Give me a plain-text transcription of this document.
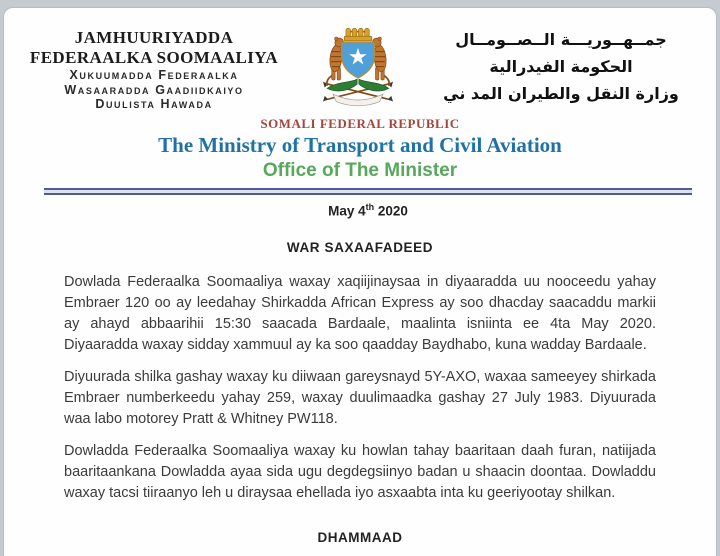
JAMHUURIYADDA
FEDERAALKA SOOMAALIYA
Xukuumadda Federaalka
Wasaaradda Gaadiidkaiyo
Duulista Hawada
جمــهــوريـــة الــصــومــال
الحكومة الفيدرالية
وزارة النقل والطيران المد ني
SOMALI FEDERAL REPUBLIC
The Ministry of Transport and Civil Aviation
Office of The Minister
May 4th 2020
WAR SAXAAFADEED

Dowlada Federaalka Soomaaliya waxay xaqiijinaysaa in diyaaradda uu nooceedu yahay Embraer 120 oo ay leedahay Shirkadda African Express ay soo dhacday saacaddu markii ay ahayd abbaarihii 15:30 saacada Bardaale, maalinta isniinta ee 4ta May 2020. Diyaaradda waxay sidday xammuul ay ka soo qaadday Baydhabo, kuna wadday Bardaale.

Diyuurada shilka gashay waxay ku diiwaan gareysnayd 5Y-AXO, waxaa sameeyey shirkada Embraer numberkeedu yahay 259, waxay duulimaadka gashay 27 July 1983. Diyuurada waa labo motorey Pratt & Whitney PW118.

Dowladda Federaalka Soomaaliya waxay ku howlan tahay baaritaan daah furan, natiijada baaritaankana Dowladda ayaa sida ugu degdegsiinyo badan u shaacin doontaa. Dowladdu waxay tacsi tiiraanyo leh u diraysaa ehellada iyo asxaabta inta ku geeriyootay shilkan.

DHAMMAAD
